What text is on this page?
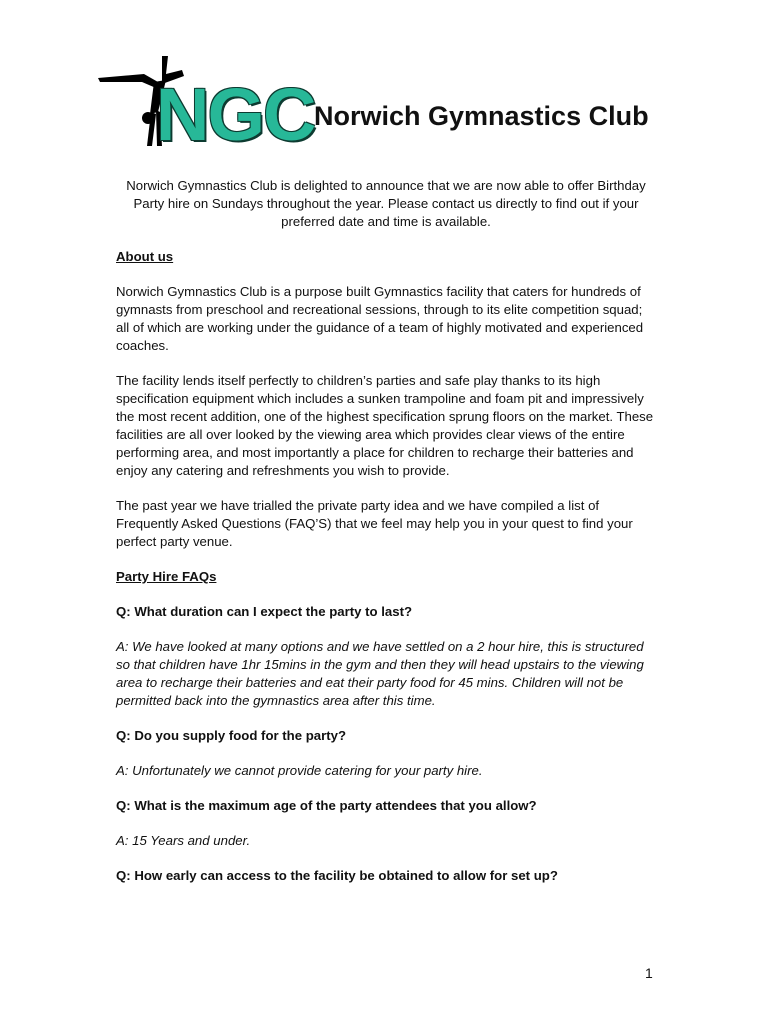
NGC Norwich Gymnastics Club

Norwich Gymnastics Club is delighted to announce that we are now able to offer Birthday Party hire on Sundays throughout the year. Please contact us directly to find out if your preferred date and time is available.

About us

Norwich Gymnastics Club is a purpose built Gymnastics facility that caters for hundreds of gymnasts from preschool and recreational sessions, through to its elite competition squad; all of which are working under the guidance of a team of highly motivated and experienced coaches.

The facility lends itself perfectly to children’s parties and safe play thanks to its high specification equipment which includes a sunken trampoline and foam pit and impressively the most recent addition, one of the highest specification sprung floors on the market. These facilities are all over looked by the viewing area which provides clear views of the entire performing area, and most importantly a place for children to recharge their batteries and enjoy any catering and refreshments you wish to provide.

The past year we have trialled the private party idea and we have compiled a list of Frequently Asked Questions (FAQ’S) that we feel may help you in your quest to find your perfect party venue.

Party Hire FAQs

Q: What duration can I expect the party to last?

A: We have looked at many options and we have settled on a 2 hour hire, this is structured so that children have 1hr 15mins in the gym and then they will head upstairs to the viewing area to recharge their batteries and eat their party food for 45 mins. Children will not be permitted back into the gymnastics area after this time.

Q: Do you supply food for the party?

A: Unfortunately we cannot provide catering for your party hire.

Q: What is the maximum age of the party attendees that you allow?

A: 15 Years and under.

Q: How early can access to the facility be obtained to allow for set up?

1
